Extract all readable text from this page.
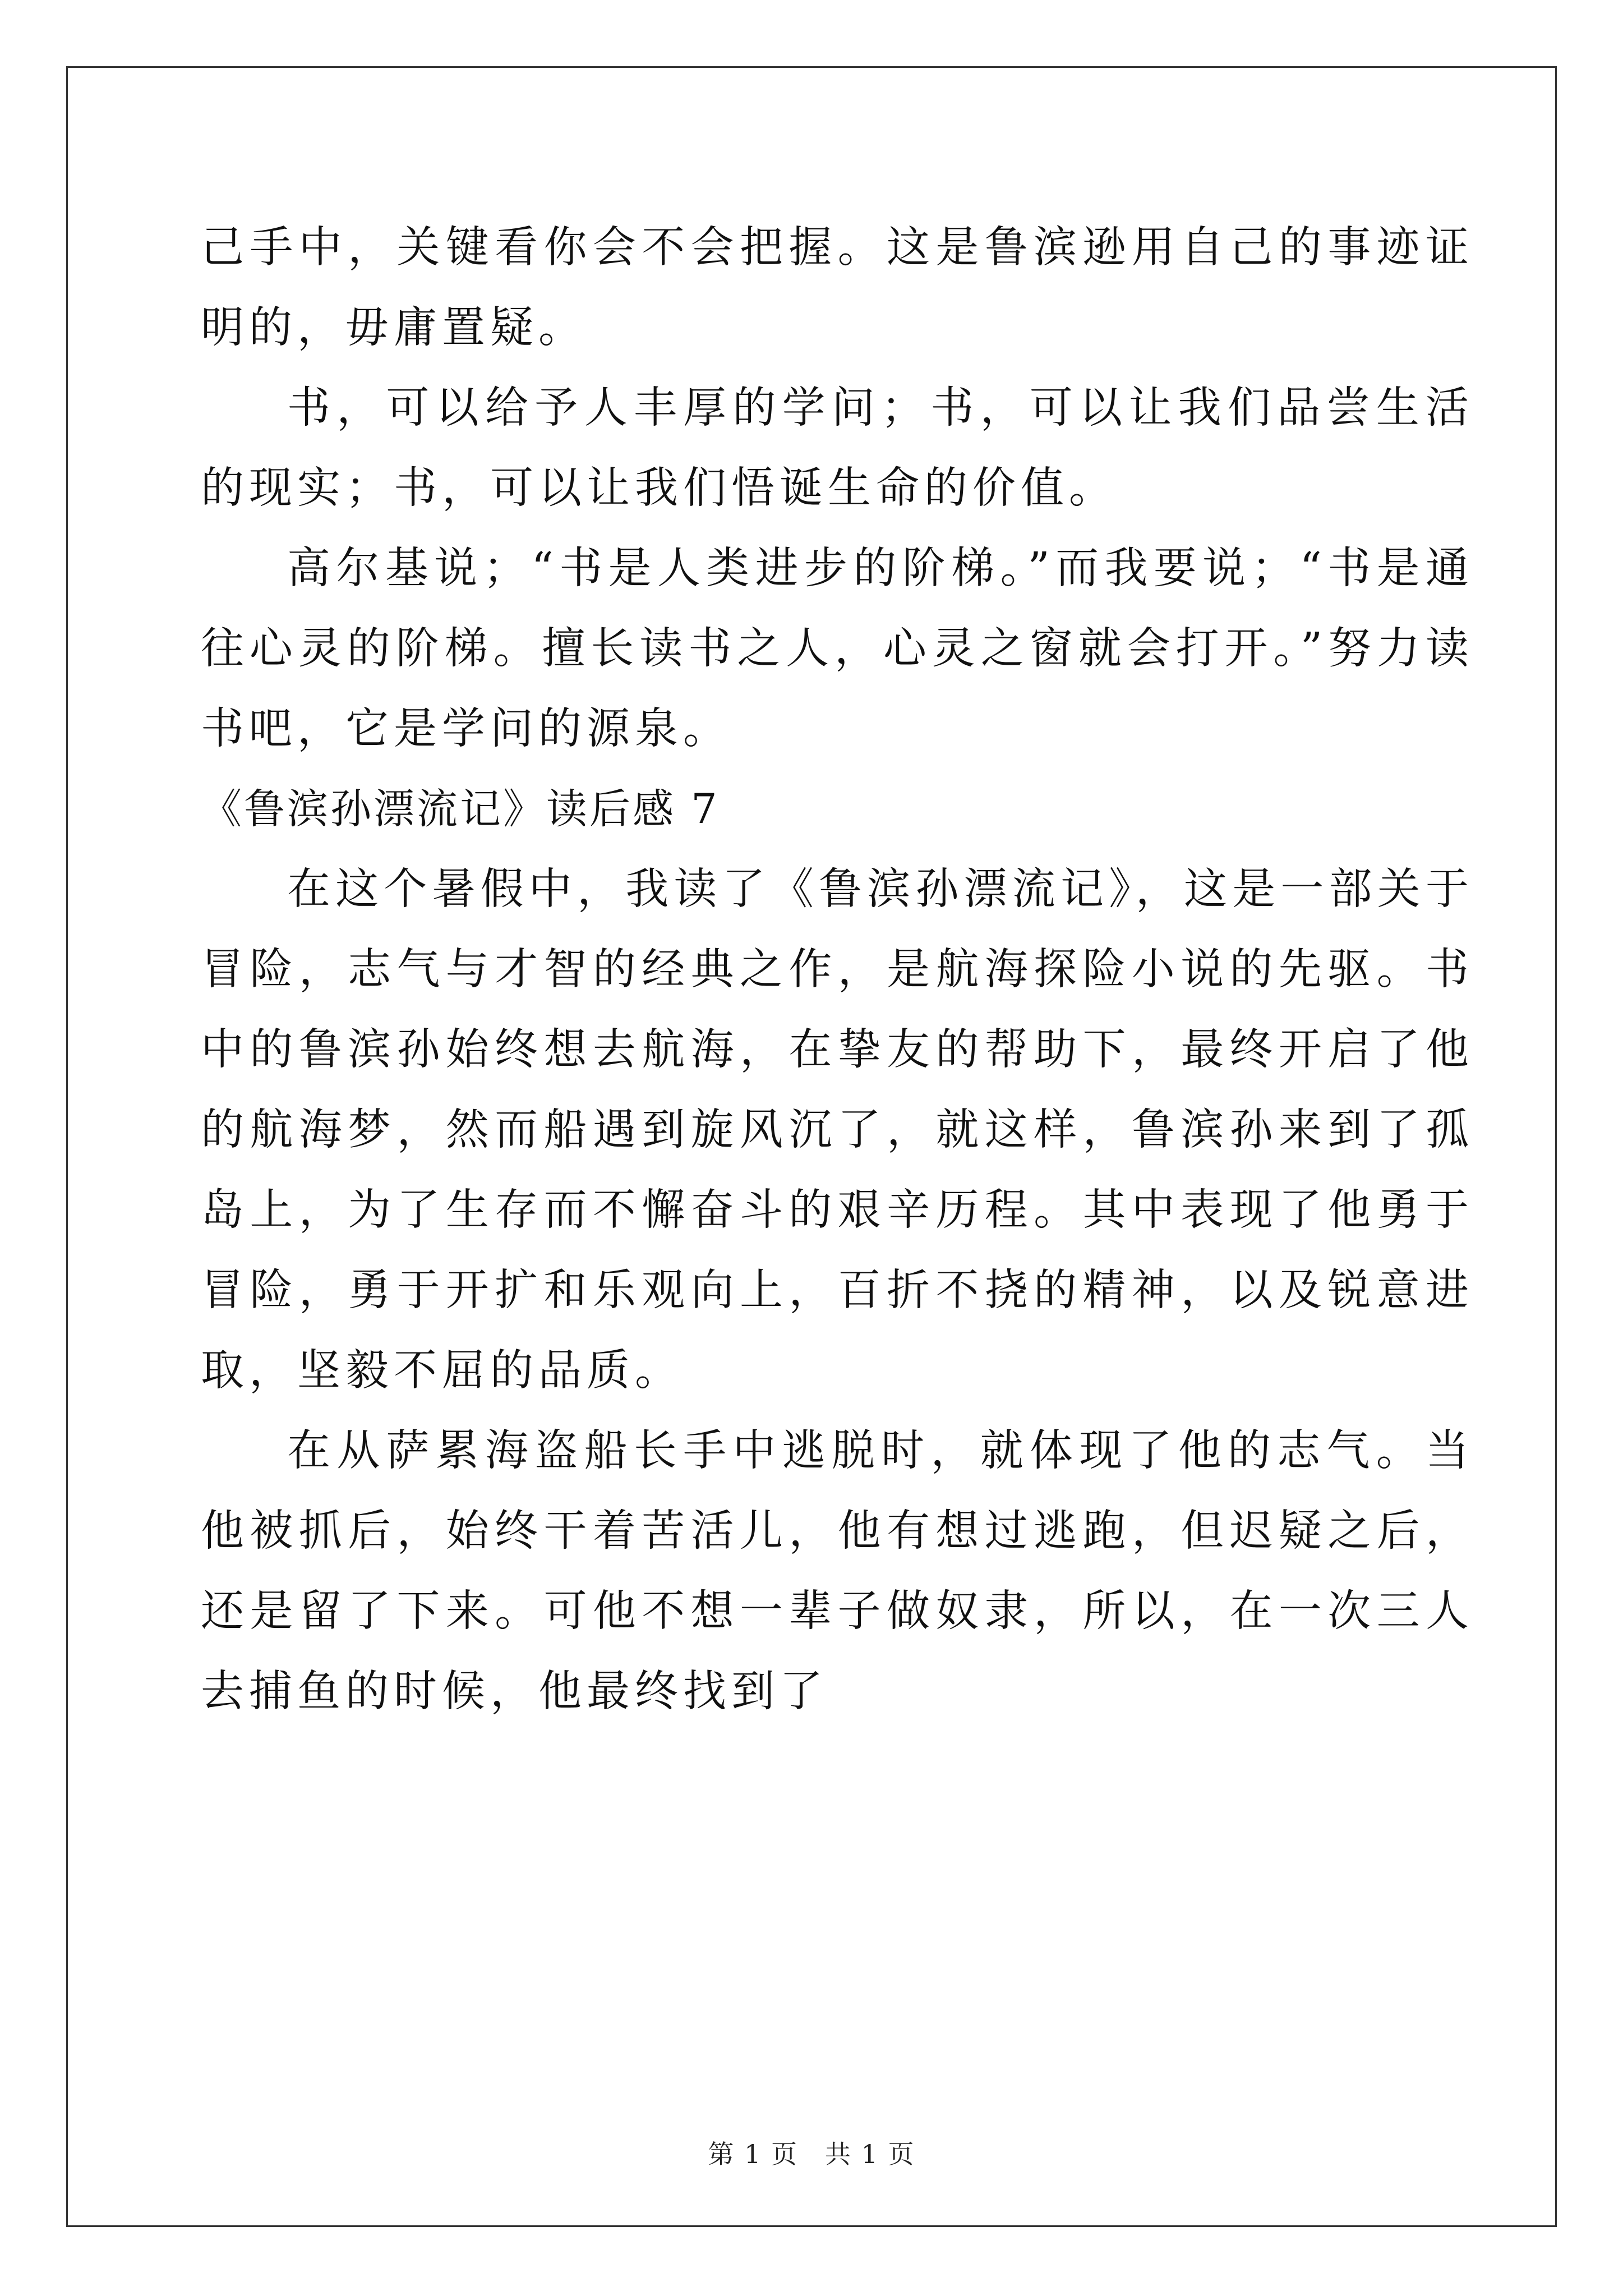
己手中，关键看你会不会把握。这是鲁滨逊用自己的事迹证明的，毋庸置疑。

书，可以给予人丰厚的学问；书，可以让我们品尝生活的现实；书，可以让我们悟诞生命的价值。

高尔基说；“书是人类进步的阶梯。”而我要说；“书是通往心灵的阶梯。擅长读书之人，心灵之窗就会打开。”努力读书吧，它是学问的源泉。

《鲁滨孙漂流记》读后感 7

在这个暑假中，我读了《鲁滨孙漂流记》，这是一部关于冒险，志气与才智的经典之作，是航海探险小说的先驱。书中的鲁滨孙始终想去航海，在挚友的帮助下，最终开启了他的航海梦，然而船遇到旋风沉了，就这样，鲁滨孙来到了孤岛上，为了生存而不懈奋斗的艰辛历程。其中表现了他勇于冒险，勇于开扩和乐观向上，百折不挠的精神，以及锐意进取，坚毅不屈的品质。

在从萨累海盗船长手中逃脱时，就体现了他的志气。当他被抓后，始终干着苦活儿，他有想过逃跑，但迟疑之后，还是留了下来。可他不想一辈子做奴隶，所以，在一次三人去捕鱼的时候，他最终找到了

第 1 页　共 1 页
